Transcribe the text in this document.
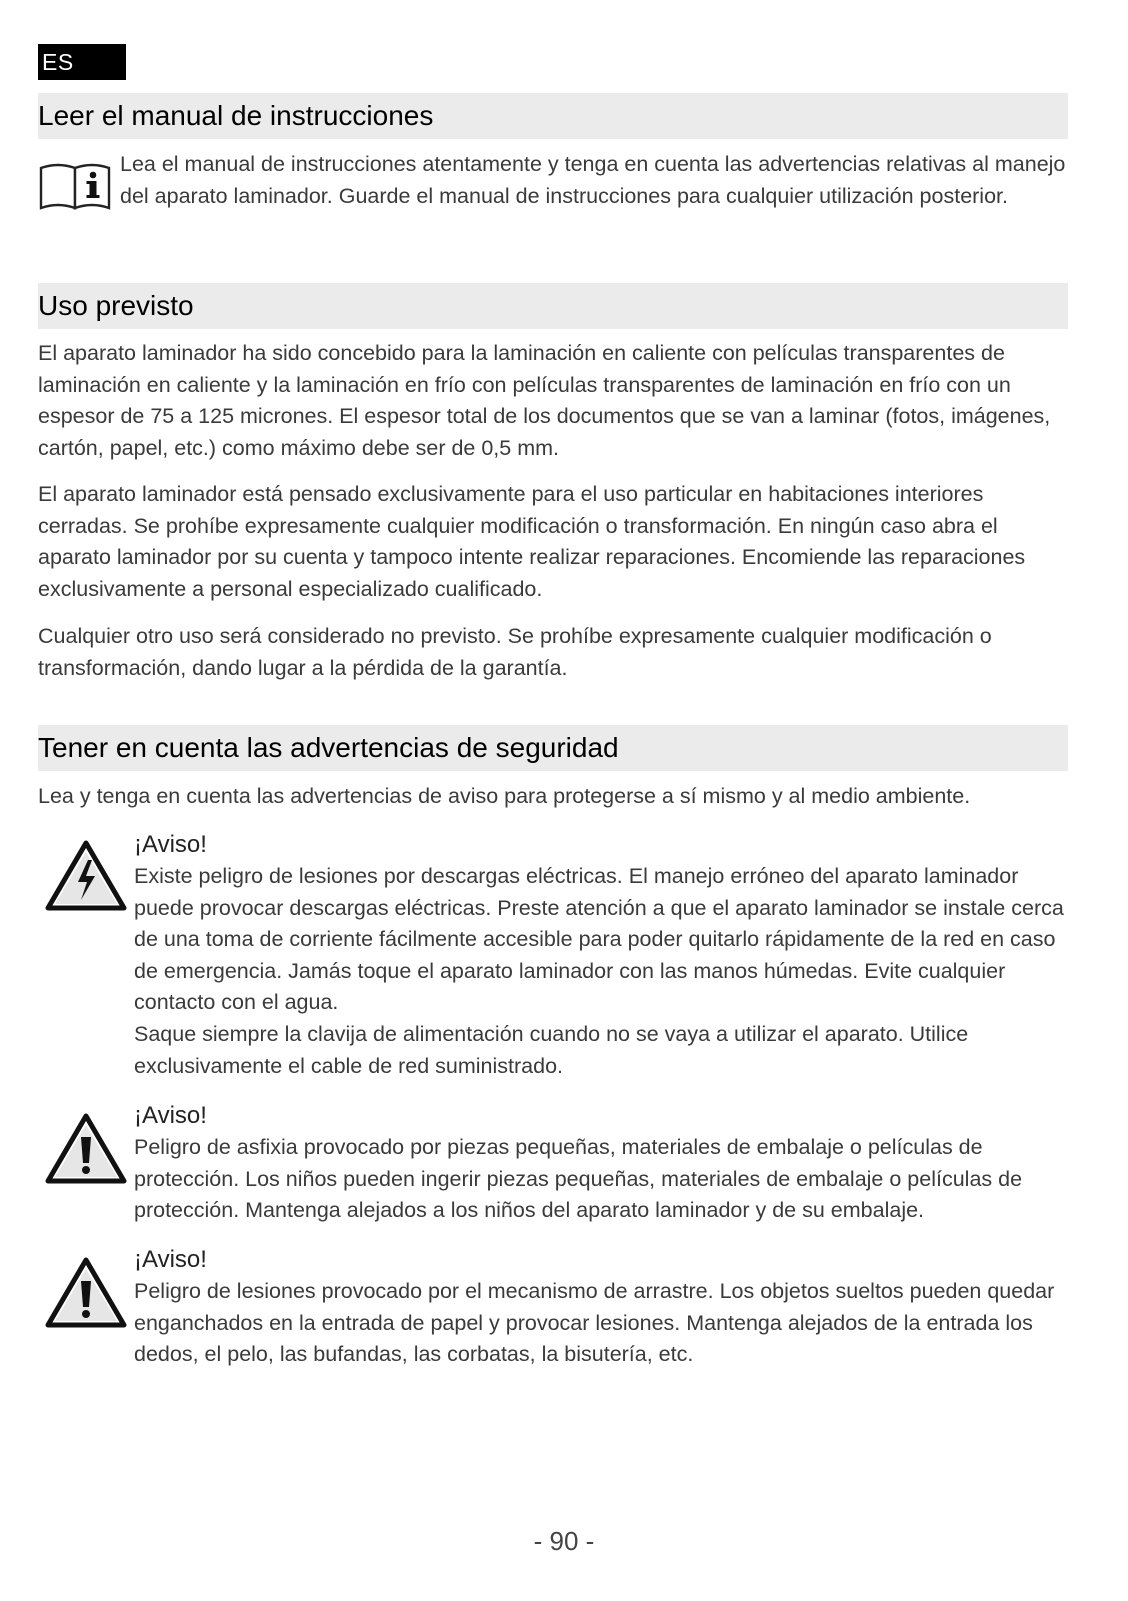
ES
Leer el manual de instrucciones

Lea el manual de instrucciones atentamente y tenga en cuenta las advertencias relativas al manejo del aparato laminador. Guarde el manual de instrucciones para cualquier utilización posterior.

Uso previsto

El aparato laminador ha sido concebido para la laminación en caliente con películas transparentes de laminación en caliente y la laminación en frío con películas transparentes de laminación en frío con un espesor de 75 a 125 micrones. El espesor total de los documentos que se van a laminar (fotos, imágenes, cartón, papel, etc.) como máximo debe ser de 0,5 mm.

El aparato laminador está pensado exclusivamente para el uso particular en habitaciones interiores cerradas. Se prohíbe expresamente cualquier modificación o transformación. En ningún caso abra el aparato laminador por su cuenta y tampoco intente realizar reparaciones. Encomiende las reparaciones exclusivamente a personal especializado cualificado.

Cualquier otro uso será considerado no previsto. Se prohíbe expresamente cualquier modificación o transformación, dando lugar a la pérdida de la garantía.

Tener en cuenta las advertencias de seguridad

Lea y tenga en cuenta las advertencias de aviso para protegerse a sí mismo y al medio ambiente.

¡Aviso!

Existe peligro de lesiones por descargas eléctricas. El manejo erróneo del aparato laminador puede provocar descargas eléctricas. Preste atención a que el aparato laminador se instale cerca de una toma de corriente fácilmente accesible para poder quitarlo rápidamente de la red en caso de emergencia. Jamás toque el aparato laminador con las manos húmedas. Evite cualquier contacto con el agua.

Saque siempre la clavija de alimentación cuando no se vaya a utilizar el aparato. Utilice exclusivamente el cable de red suministrado.

¡Aviso!

Peligro de asfixia provocado por piezas pequeñas, materiales de embalaje o películas de protección. Los niños pueden ingerir piezas pequeñas, materiales de embalaje o películas de protección. Mantenga alejados a los niños del aparato laminador y de su embalaje.

¡Aviso!

Peligro de lesiones provocado por el mecanismo de arrastre. Los objetos sueltos pueden quedar enganchados en la entrada de papel y provocar lesiones. Mantenga alejados de la entrada los dedos, el pelo, las bufandas, las corbatas, la bisutería, etc.

- 90 -
